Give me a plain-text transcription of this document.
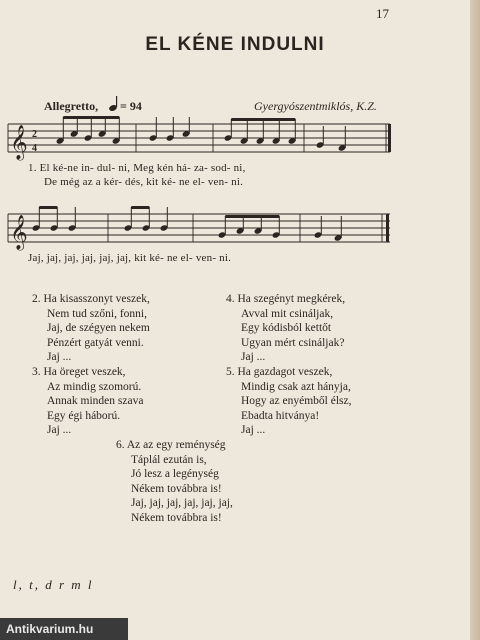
17
EL KÉNE INDULNI
Allegretto, = 94	Gyergyószentmiklós, K.Z.
𝄞 2
4
1. El ké-ne in- dul- ni, Meg kén há- za- sod- ni,
De még az a kér- dés, kit ké- ne el- ven- ni.
𝄞
Jaj, jaj, jaj, jaj, jaj, jaj, kit ké- ne el- ven- ni.
2. Ha kisasszonyt veszek,
Nem tud szőni, fonni,
Jaj, de szégyen nekem
Pénzért gatyát venni.
Jaj ...
4. Ha szegényt megkérek,
Avval mit csináljak,
Egy kódisból kettőt
Ugyan mért csináljak?
Jaj ...
3. Ha öreget veszek,
Az mindig szomorú.
Annak minden szava
Egy égi háború.
Jaj ...
5. Ha gazdagot veszek,
Mindig csak azt hányja,
Hogy az enyémből élsz,
Ebadta hitványa!
Jaj ...
6. Az az egy reménység
Táplál ezután is,
Jó lesz a legénység
Nékem továbbra is!
Jaj, jaj, jaj, jaj, jaj, jaj,
Nékem továbbra is!
l, t, d r m l
Antikvarium.hu
